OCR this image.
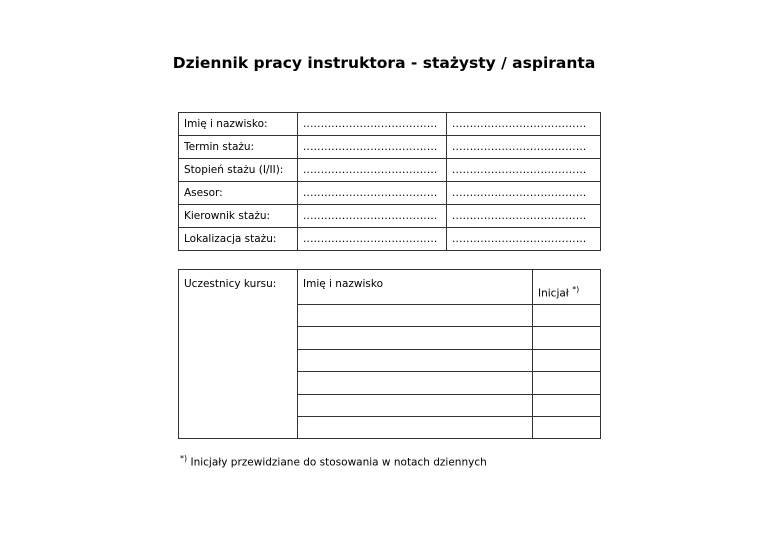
Dziennik pracy instruktora - stażysty / aspiranta
Imię i nazwisko:	......................................	......................................
Termin stażu:	......................................	......................................
Stopień stażu (I/II):	......................................	......................................
Asesor:	......................................	......................................
Kierownik stażu:	......................................	......................................
Lokalizacja stażu:	......................................	......................................
Uczestnicy kursu:	Imię i nazwisko	Inicjał *)

*) Inicjały przewidziane do stosowania w notach dziennych
